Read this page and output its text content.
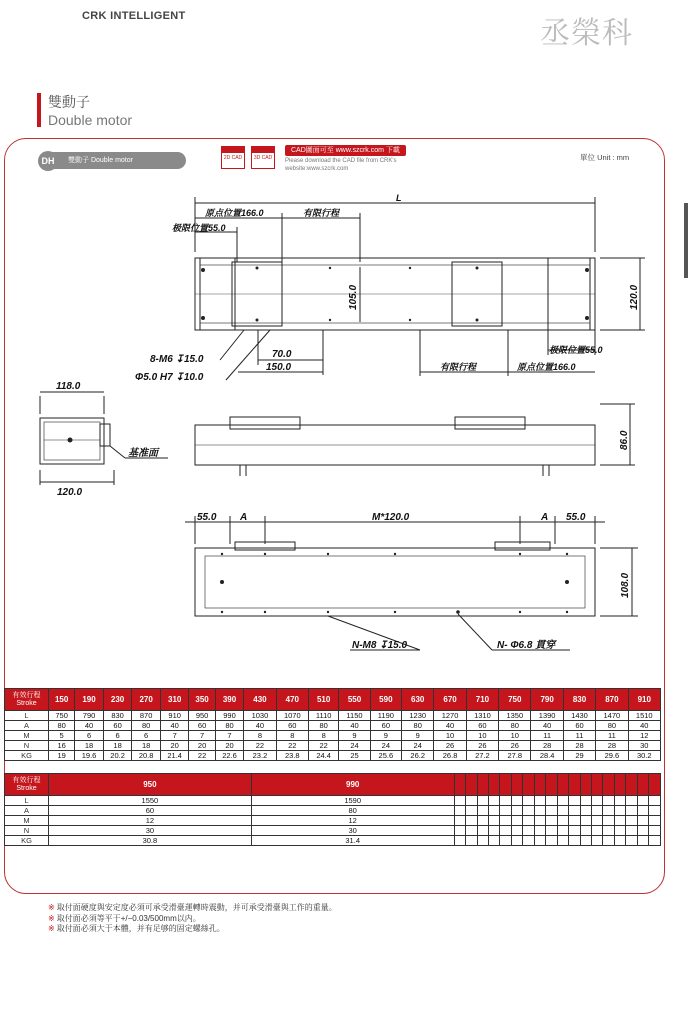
CRK INTELLIGENT	丞榮科
雙動子
Double motor
雙動子 Double motor
DH	2D CAD	3D CAD
CAD圖面可至 www.szcrk.com 下載
Please download the CAD file from CRK's
website:www.szcrk.com
單位 Unit : mm
L
原点位置166.0	有限行程
极限位置55.0
105.0	120.0
8-M6 ↧15.0
Φ5.0 H7 ↧10.0
70.0
150.0
极限位置55.0
有限行程	原点位置166.0
118.0
120.0
基准面
86.0
55.0 A	M*120.0	A 55.0
108.0
N-M8 ↧15.0	N- Φ6.8 貫穿
有效行程
Stroke	150	190	230	270	310	350	390	430	470	510	550	590	630	670	710	750	790	830	870	910
L	750	790	830	870	910	950	990	1030	1070	1110	1150	1190	1230	1270	1310	1350	1390	1430	1470	1510
A	80	40	60	80	40	60	80	40	60	80	40	60	80	40	60	80	40	60	80	40
M	5	6	6	6	7	7	7	8	8	8	9	9	9	10	10	10	11	11	11	12
N	16	18	18	18	20	20	20	22	22	22	24	24	24	26	26	26	28	28	28	30
KG	19	19.6	20.2	20.8	21.4	22	22.6	23.2	23.8	24.4	25	25.6	26.2	26.8	27.2	27.8	28.4	29	29.6	30.2
有效行程
Stroke	950	990																		
L	1550	1590																		
A	60	80																		
M	12	12																		
N	30	30																		
KG	30.8	31.4																		
※ 取付面硬度與安定度必須可承受滑臺運轉時震動，并可承受滑臺與工作的重量。
※ 取付面必須等平于+/−0.03/500mm以内。
※ 取付面必須大于本體，并有足够的固定螺絲孔。
